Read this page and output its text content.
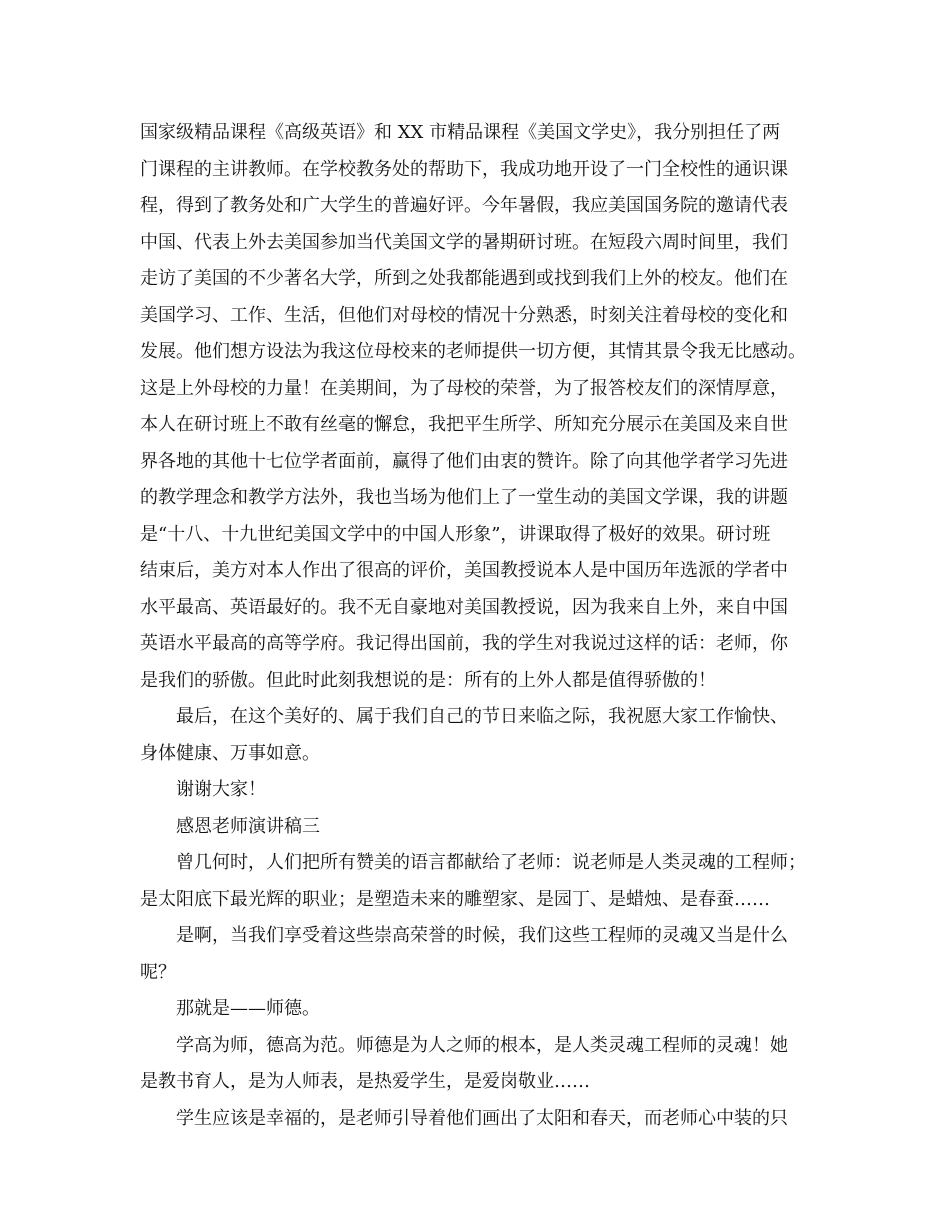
国家级精品课程《高级英语》和 XX 市精品课程《美国文学史》，我分别担任了两
门课程的主讲教师。在学校教务处的帮助下，我成功地开设了一门全校性的通识课
程，得到了教务处和广大学生的普遍好评。今年暑假，我应美国国务院的邀请代表
中国、代表上外去美国参加当代美国文学的暑期研讨班。在短段六周时间里，我们
走访了美国的不少著名大学，所到之处我都能遇到或找到我们上外的校友。他们在
美国学习、工作、生活，但他们对母校的情况十分熟悉，时刻关注着母校的变化和
发展。他们想方设法为我这位母校来的老师提供一切方便，其情其景令我无比感动。
这是上外母校的力量！在美期间，为了母校的荣誉，为了报答校友们的深情厚意，
本人在研讨班上不敢有丝毫的懈怠，我把平生所学、所知充分展示在美国及来自世
界各地的其他十七位学者面前，赢得了他们由衷的赞许。除了向其他学者学习先进
的教学理念和教学方法外，我也当场为他们上了一堂生动的美国文学课，我的讲题
是“十八、十九世纪美国文学中的中国人形象”，讲课取得了极好的效果。研讨班
结束后，美方对本人作出了很高的评价，美国教授说本人是中国历年选派的学者中
水平最高、英语最好的。我不无自豪地对美国教授说，因为我来自上外，来自中国
英语水平最高的高等学府。我记得出国前，我的学生对我说过这样的话：老师，你
是我们的骄傲。但此时此刻我想说的是：所有的上外人都是值得骄傲的！
最后，在这个美好的、属于我们自己的节日来临之际，我祝愿大家工作愉快、
身体健康、万事如意。
谢谢大家！
感恩老师演讲稿三
曾几何时，人们把所有赞美的语言都献给了老师：说老师是人类灵魂的工程师；
是太阳底下最光辉的职业；是塑造未来的雕塑家、是园丁、是蜡烛、是春蚕……
是啊，当我们享受着这些崇高荣誉的时候，我们这些工程师的灵魂又当是什么
呢？
那就是——师德。
学高为师，德高为范。师德是为人之师的根本，是人类灵魂工程师的灵魂！她
是教书育人，是为人师表，是热爱学生，是爱岗敬业……
学生应该是幸福的，是老师引导着他们画出了太阳和春天，而老师心中装的只
